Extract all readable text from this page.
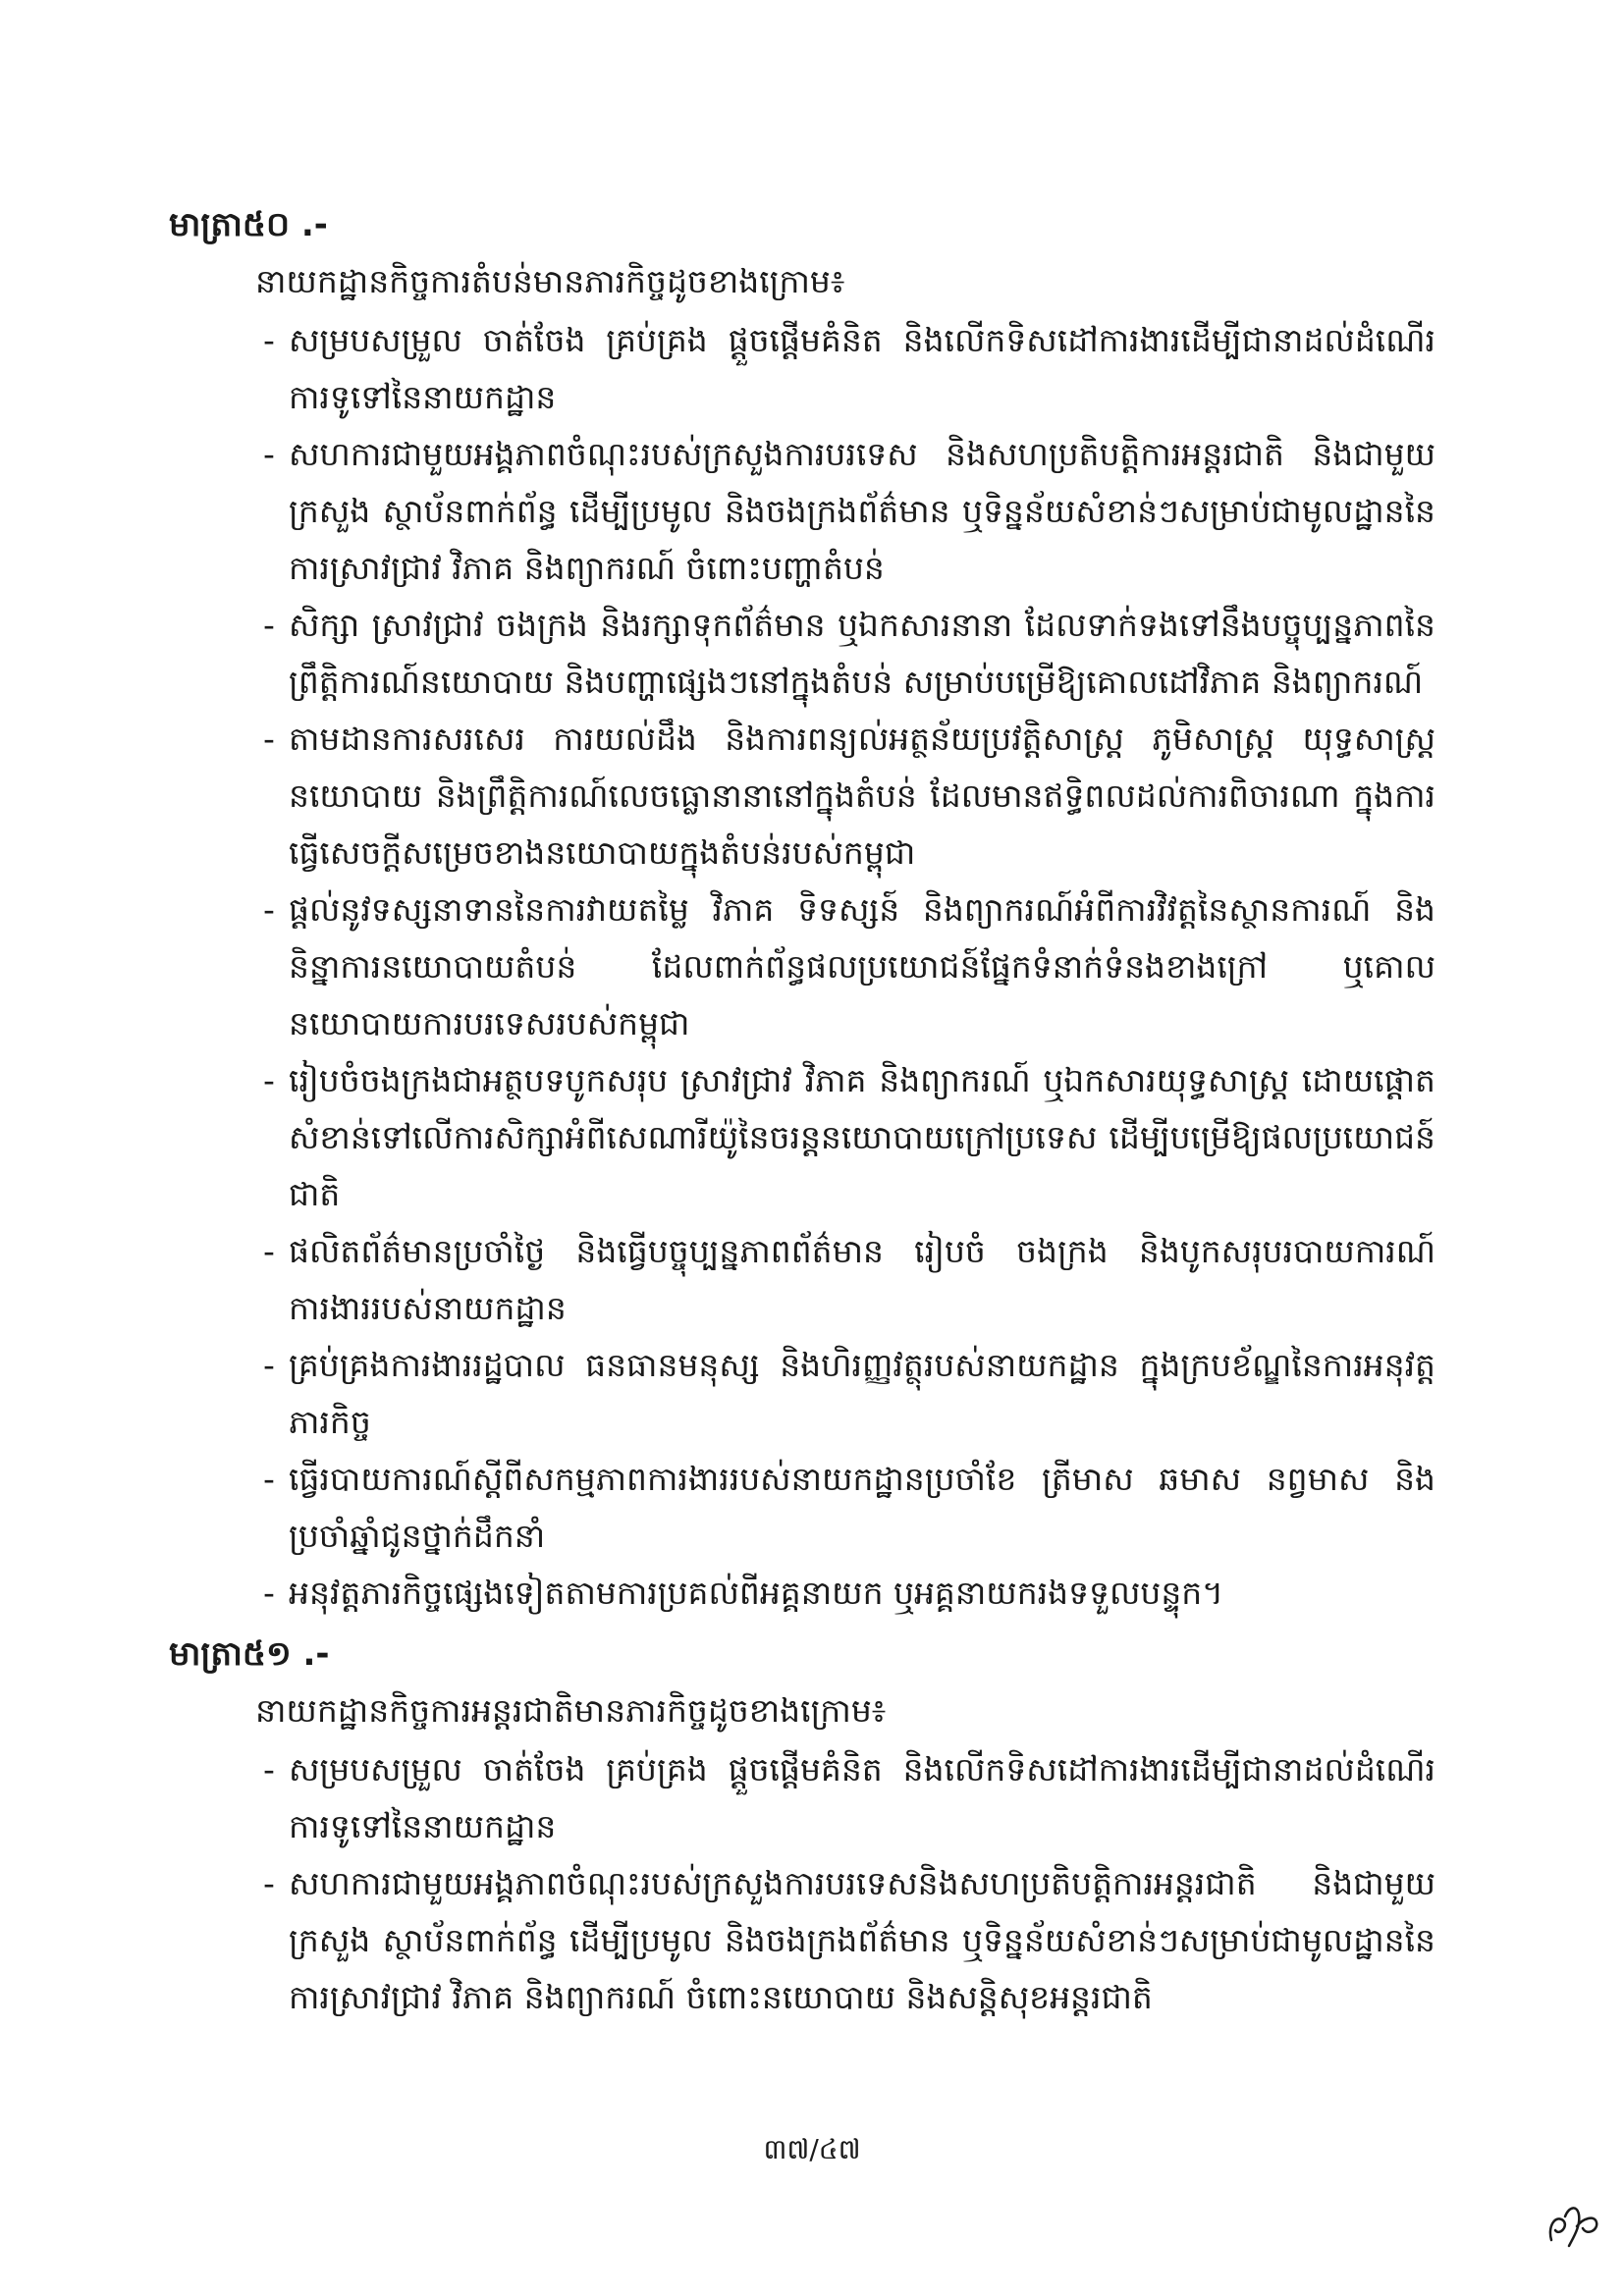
មាត្រា៥០ .-

នាយកដ្ឋានកិច្ចការតំបន់មានភារកិច្ចដូចខាងក្រោម៖

- សម្របសម្រួល ចាត់ចែង គ្រប់គ្រង ផ្តួចផ្តើមគំនិត និងលើកទិសដៅការងារដើម្បីជានាដល់ដំណើរការទូទៅនៃនាយកដ្ឋាន
- សហការជាមួយអង្គភាពចំណុះរបស់ក្រសួងការបរទេស និងសហប្រតិបត្តិការអន្តរជាតិ និងជាមួយក្រសួង ស្ថាប័នពាក់ព័ន្ធ ដើម្បីប្រមូល និងចងក្រងព័ត៌មាន ឬទិន្នន័យសំខាន់ៗសម្រាប់ជាមូលដ្ឋាននៃការស្រាវជ្រាវ វិភាគ និងព្យាករណ៍ ចំពោះបញ្ហាតំបន់
- សិក្សា ស្រាវជ្រាវ ចងក្រង និងរក្សាទុកព័ត៌មាន ឬឯកសារនានា ដែលទាក់ទងទៅនឹងបច្ចុប្បន្នភាពនៃព្រឹត្តិការណ៍នយោបាយ និងបញ្ហាផ្សេងៗនៅក្នុងតំបន់ សម្រាប់បម្រើឱ្យគោលដៅវិភាគ និងព្យាករណ៍
- តាមដានការសរសេរ ការយល់ដឹង និងការពន្យល់អត្ថន័យប្រវត្តិសាស្ត្រ ភូមិសាស្ត្រ យុទ្ធសាស្ត្រនយោបាយ និងព្រឹត្តិការណ៍លេចធ្លោនានានៅក្នុងតំបន់ ដែលមានឥទ្ធិពលដល់ការពិចារណា ក្នុងការធ្វើសេចក្តីសម្រេចខាងនយោបាយក្នុងតំបន់របស់កម្ពុជា
- ផ្តល់នូវទស្សនាទាននៃការវាយតម្លៃ វិភាគ ទិទស្សន៍ និងព្យាករណ៍អំពីការវិវត្តនៃស្ថានការណ៍ និងនិន្នាការនយោបាយតំបន់ ដែលពាក់ព័ន្ធផលប្រយោជន៍ផ្នែកទំនាក់ទំនងខាងក្រៅ ឬគោលនយោបាយការបរទេសរបស់កម្ពុជា
- រៀបចំចងក្រងជាអត្ថបទបូកសរុប ស្រាវជ្រាវ វិភាគ និងព្យាករណ៍ ឬឯកសារយុទ្ធសាស្ត្រ ដោយផ្តោតសំខាន់ទៅលើការសិក្សាអំពីសេណារីយ៉ូនៃចរន្តនយោបាយក្រៅប្រទេស ដើម្បីបម្រើឱ្យផលប្រយោជន៍ជាតិ
- ផលិតព័ត៌មានប្រចាំថ្ងៃ និងធ្វើបច្ចុប្បន្នភាពព័ត៌មាន រៀបចំ ចងក្រង និងបូកសរុបរបាយការណ៍ការងាររបស់នាយកដ្ឋាន
- គ្រប់គ្រងការងាររដ្ឋបាល ធនធានមនុស្ស និងហិរញ្ញវត្ថុរបស់នាយកដ្ឋាន ក្នុងក្របខ័ណ្ឌនៃការអនុវត្តភារកិច្ច
- ធ្វើរបាយការណ៍ស្តីពីសកម្មភាពការងាររបស់នាយកដ្ឋានប្រចាំខែ ត្រីមាស ឆមាស នព្វមាស និងប្រចាំឆ្នាំជូនថ្នាក់ដឹកនាំ
- អនុវត្តភារកិច្ចផ្សេងទៀតតាមការប្រគល់ពីអគ្គនាយក ឬអគ្គនាយករងទទួលបន្ទុក។
មាត្រា៥១ .-

នាយកដ្ឋានកិច្ចការអន្តរជាតិមានភារកិច្ចដូចខាងក្រោម៖

- សម្របសម្រួល ចាត់ចែង គ្រប់គ្រង ផ្តួចផ្តើមគំនិត និងលើកទិសដៅការងារដើម្បីជានាដល់ដំណើរការទូទៅនៃនាយកដ្ឋាន
- សហការជាមួយអង្គភាពចំណុះរបស់ក្រសួងការបរទេសនិងសហប្រតិបត្តិការអន្តរជាតិ និងជាមួយក្រសួង ស្ថាប័នពាក់ព័ន្ធ ដើម្បីប្រមូល និងចងក្រងព័ត៌មាន ឬទិន្នន័យសំខាន់ៗសម្រាប់ជាមូលដ្ឋាននៃការស្រាវជ្រាវ វិភាគ និងព្យាករណ៍ ចំពោះនយោបាយ និងសន្តិសុខអន្តរជាតិ
៣៧/៤៧
